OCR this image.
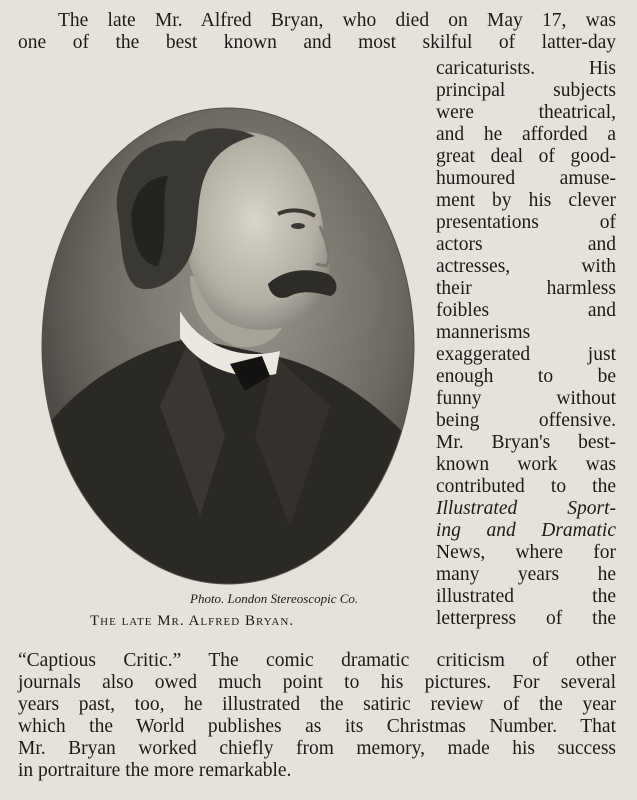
The late Mr. Alfred Bryan, who died on May 17, was
one of the best known and most skilful of latter-day
caricaturists. His
principal subjects
were theatrical,
and he afforded a
great deal of good-
humoured amuse-
ment by his clever
presentations of
actors and
actresses, with
their harmless
foibles and
mannerisms
exaggerated just
enough to be
funny without
being offensive.
Mr. Bryan's best-
known work was
contributed to the
Illustrated Sport-
ing and Dramatic
News, where for
many years he
illustrated the
letterpress of the
Photo. London Stereoscopic Co.
The late Mr. Alfred Bryan.
“Captious Critic.” The comic dramatic criticism of other
journals also owed much point to his pictures. For several
years past, too, he illustrated the satiric review of the year
which the World publishes as its Christmas Number. That
Mr. Bryan worked chiefly from memory, made his success
in portraiture the more remarkable.
